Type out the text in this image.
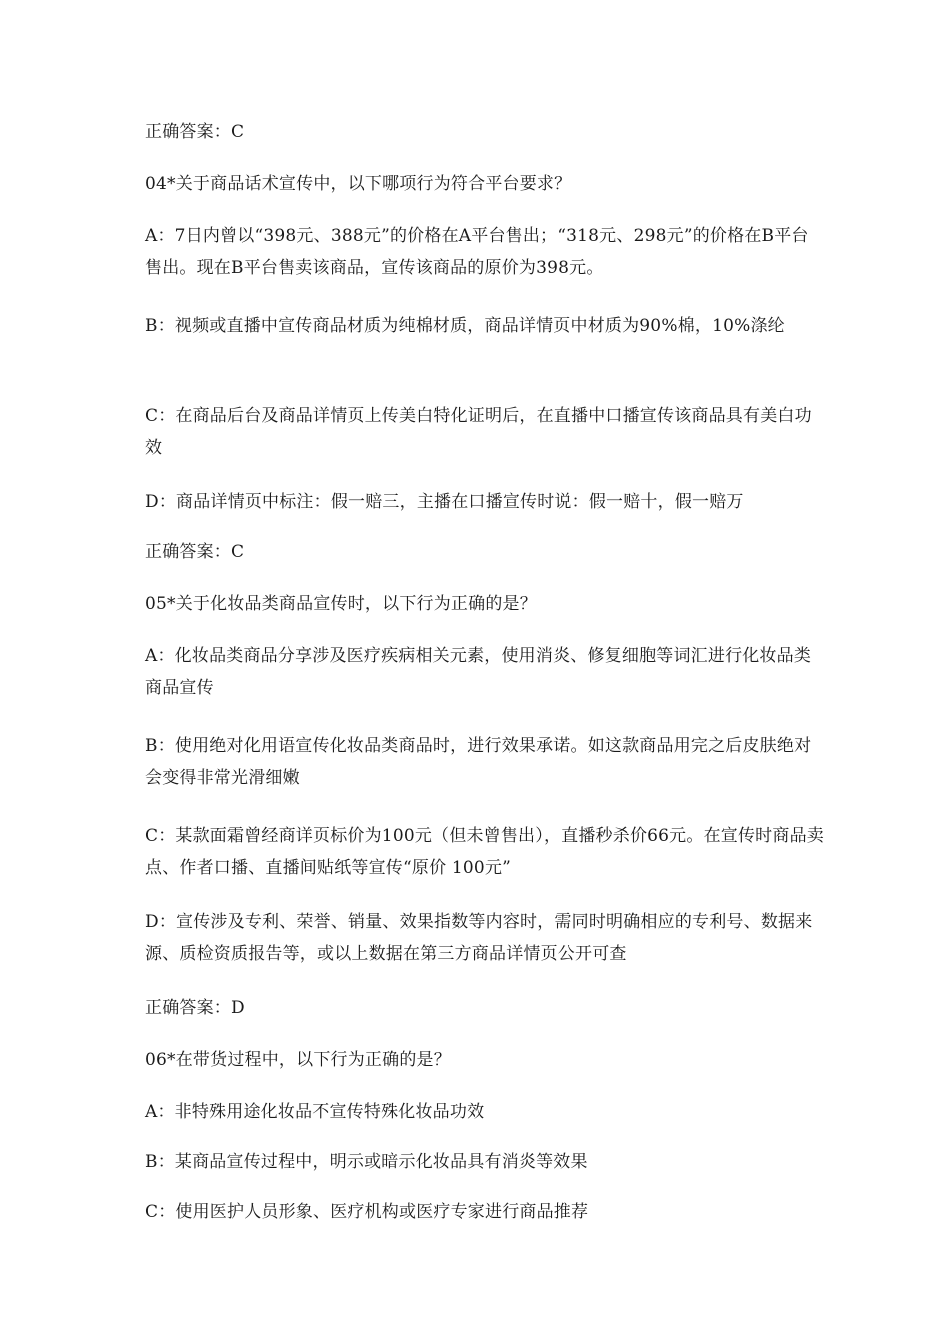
正确答案：C

04*关于商品话术宣传中，以下哪项行为符合平台要求？

A：7日内曾以“398元、388元”的价格在A平台售出；“318元、298元”的价格在B平台售出。现在B平台售卖该商品，宣传该商品的原价为398元。

B：视频或直播中宣传商品材质为纯棉材质，商品详情页中材质为90%棉，10%涤纶

C：在商品后台及商品详情页上传美白特化证明后，在直播中口播宣传该商品具有美白功效

D：商品详情页中标注：假一赔三，主播在口播宣传时说：假一赔十，假一赔万

正确答案：C

05*关于化妆品类商品宣传时，以下行为正确的是？

A：化妆品类商品分享涉及医疗疾病相关元素，使用消炎、修复细胞等词汇进行化妆品类商品宣传

B：使用绝对化用语宣传化妆品类商品时，进行效果承诺。如这款商品用完之后皮肤绝对会变得非常光滑细嫩

C：某款面霜曾经商详页标价为100元（但未曾售出），直播秒杀价66元。在宣传时商品卖点、作者口播、直播间贴纸等宣传“原价 100元”

D：宣传涉及专利、荣誉、销量、效果指数等内容时，需同时明确相应的专利号、数据来源、质检资质报告等，或以上数据在第三方商品详情页公开可查

正确答案：D

06*在带货过程中，以下行为正确的是？

A：非特殊用途化妆品不宣传特殊化妆品功效

B：某商品宣传过程中，明示或暗示化妆品具有消炎等效果

C：使用医护人员形象、医疗机构或医疗专家进行商品推荐
